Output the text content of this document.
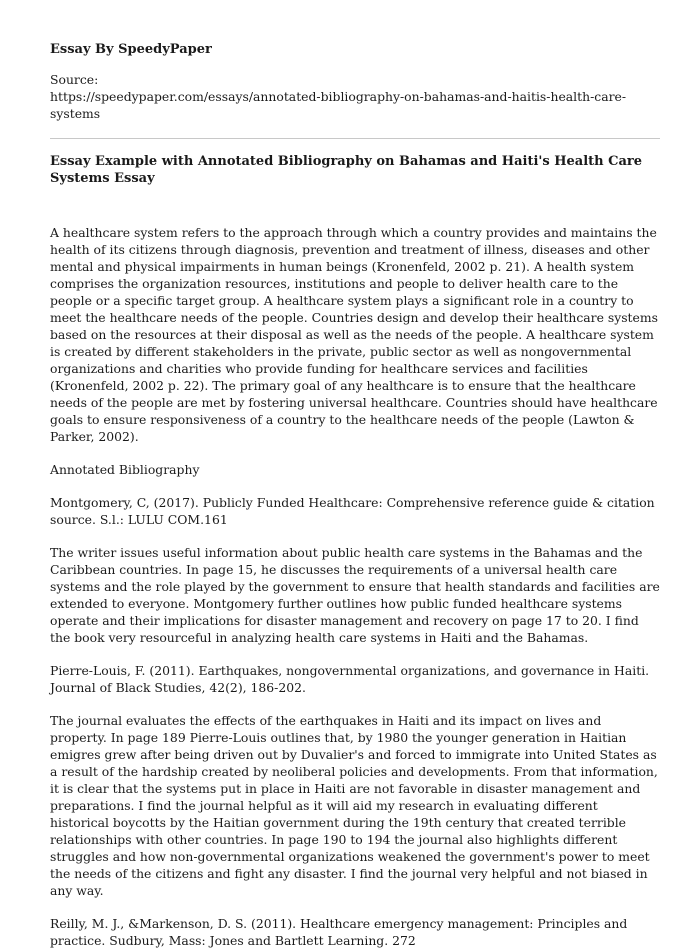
Essay By SpeedyPaper

Source:

https://speedypaper.com/essays/annotated-bibliography-on-bahamas-and-haitis-health-care-systems

Essay Example with Annotated Bibliography on Bahamas and Haiti's Health Care Systems Essay

A healthcare system refers to the approach through which a country provides and maintains the health of its citizens through diagnosis, prevention and treatment of illness, diseases and other mental and physical impairments in human beings (Kronenfeld, 2002 p. 21). A health system comprises the organization resources, institutions and people to deliver health care to the people or a specific target group. A healthcare system plays a significant role in a country to meet the healthcare needs of the people. Countries design and develop their healthcare systems based on the resources at their disposal as well as the needs of the people. A healthcare system is created by different stakeholders in the private, public sector as well as nongovernmental organizations and charities who provide funding for healthcare services and facilities (Kronenfeld, 2002 p. 22). The primary goal of any healthcare is to ensure that the healthcare needs of the people are met by fostering universal healthcare. Countries should have healthcare goals to ensure responsiveness of a country to the healthcare needs of the people (Lawton & Parker, 2002).

Annotated Bibliography

Montgomery, C, (2017). Publicly Funded Healthcare: Comprehensive reference guide & citation source. S.l.: LULU COM.161

The writer issues useful information about public health care systems in the Bahamas and the Caribbean countries. In page 15, he discusses the requirements of a universal health care systems and the role played by the government to ensure that health standards and facilities are extended to everyone. Montgomery further outlines how public funded healthcare systems operate and their implications for disaster management and recovery on page 17 to 20. I find the book very resourceful in analyzing health care systems in Haiti and the Bahamas.

Pierre-Louis, F. (2011). Earthquakes, nongovernmental organizations, and governance in Haiti. Journal of Black Studies, 42(2), 186-202.

The journal evaluates the effects of the earthquakes in Haiti and its impact on lives and property. In page 189 Pierre-Louis outlines that, by 1980 the younger generation in Haitian emigres grew after being driven out by Duvalier's and forced to immigrate into United States as a result of the hardship created by neoliberal policies and developments. From that information, it is clear that the systems put in place in Haiti are not favorable in disaster management and preparations. I find the journal helpful as it will aid my research in evaluating different historical boycotts by the Haitian government during the 19th century that created terrible relationships with other countries. In page 190 to 194 the journal also highlights different struggles and how non-governmental organizations weakened the government's power to meet the needs of the citizens and fight any disaster. I find the journal very helpful and not biased in any way.

Reilly, M. J., &Markenson, D. S. (2011). Healthcare emergency management: Principles and practice. Sudbury, Mass: Jones and Bartlett Learning. 272
